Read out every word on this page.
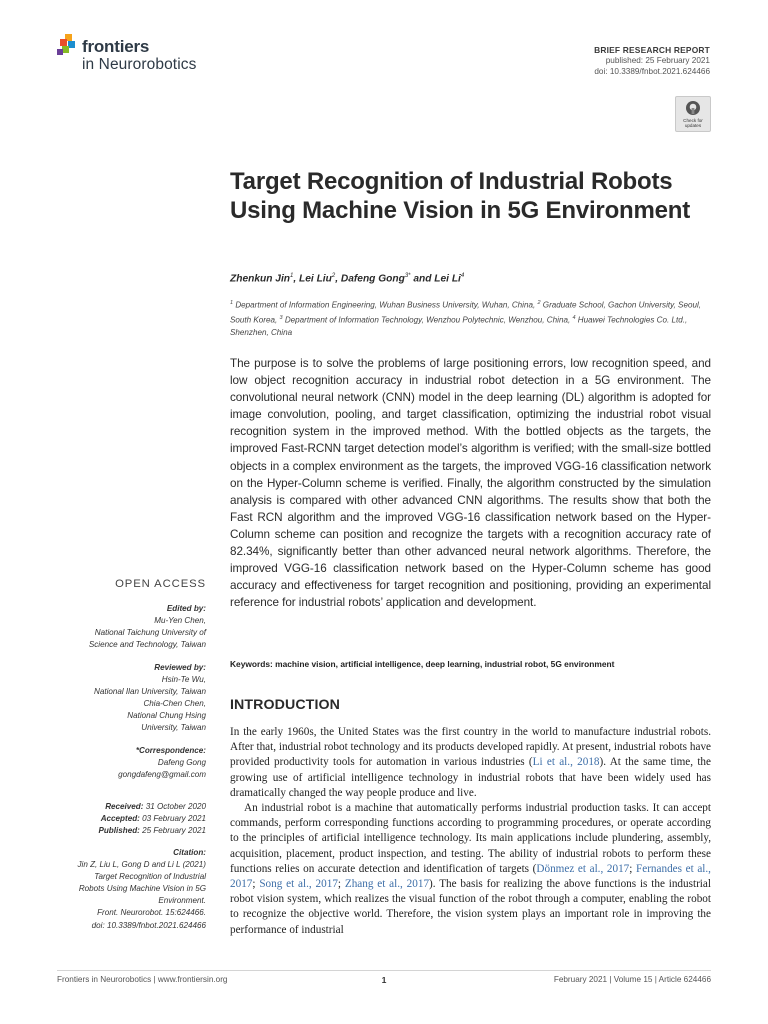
frontiers
in Neurorobotics
BRIEF RESEARCH REPORT
published: 25 February 2021
doi: 10.3389/fnbot.2021.624466
Check for updates
Target Recognition of Industrial Robots Using Machine Vision in 5G Environment
Zhenkun Jin$^1$, Lei Liu$^2$, Dafeng Gong$^{3*}$ and Lei Li$^4$
$^1$ Department of Information Engineering, Wuhan Business University, Wuhan, China, $^2$ Graduate School, Gachon University, Seoul, South Korea, $^3$ Department of Information Technology, Wenzhou Polytechnic, Wenzhou, China, $^4$ Huawei Technologies Co. Ltd., Shenzhen, China

The purpose is to solve the problems of large positioning errors, low recognition speed, and low object recognition accuracy in industrial robot detection in a 5G environment. The convolutional neural network (CNN) model in the deep learning (DL) algorithm is adopted for image convolution, pooling, and target classification, optimizing the industrial robot visual recognition system in the improved method. With the bottled objects as the targets, the improved Fast-RCNN target detection model’s algorithm is verified; with the small-size bottled objects in a complex environment as the targets, the improved VGG-16 classification network on the Hyper-Column scheme is verified. Finally, the algorithm constructed by the simulation analysis is compared with other advanced CNN algorithms. The results show that both the Fast RCN algorithm and the improved VGG-16 classification network based on the Hyper-Column scheme can position and recognize the targets with a recognition accuracy rate of 82.34%, significantly better than other advanced neural network algorithms. Therefore, the improved VGG-16 classification network based on the Hyper-Column scheme has good accuracy and effectiveness for target recognition and positioning, providing an experimental reference for industrial robots’ application and development.

Keywords: machine vision, artificial intelligence, deep learning, industrial robot, 5G environment
INTRODUCTION

In the early 1960s, the United States was the first country in the world to manufacture industrial robots. After that, industrial robot technology and its products developed rapidly. At present, industrial robots have provided productivity tools for automation in various industries (Li et al., 2018). At the same time, the growing use of artificial intelligence technology in industrial robots that have been widely used has dramatically changed the way people produce and live.

An industrial robot is a machine that automatically performs industrial production tasks. It can accept commands, perform corresponding functions according to programming procedures, or operate according to the principles of artificial intelligence technology. Its main applications include plundering, assembly, acquisition, placement, product inspection, and testing. The ability of industrial robots to perform these functions relies on accurate detection and identification of targets (Dönmez et al., 2017; Fernandes et al., 2017; Song et al., 2017; Zhang et al., 2017). The basis for realizing the above functions is the industrial robot vision system, which realizes the visual function of the robot through a computer, enabling the robot to recognize the objective world. Therefore, the vision system plays an important role in improving the performance of industrial

OPEN ACCESS
Edited by:
Mu-Yen Chen,
National Taichung University of
Science and Technology, Taiwan
Reviewed by:
Hsin-Te Wu,
National Ilan University, Taiwan
Chia-Chen Chen,
National Chung Hsing
University, Taiwan
*Correspondence:
Dafeng Gong
gongdafeng@gmail.com
Received: 31 October 2020
Accepted: 03 February 2021
Published: 25 February 2021
Citation:
Jin Z, Liu L, Gong D and Li L (2021)
Target Recognition of Industrial
Robots Using Machine Vision in 5G
Environment.
Front. Neurorobot. 15:624466.
doi: 10.3389/fnbot.2021.624466
Frontiers in Neurorobotics | www.frontiersin.org	1	February 2021 | Volume 15 | Article 624466
